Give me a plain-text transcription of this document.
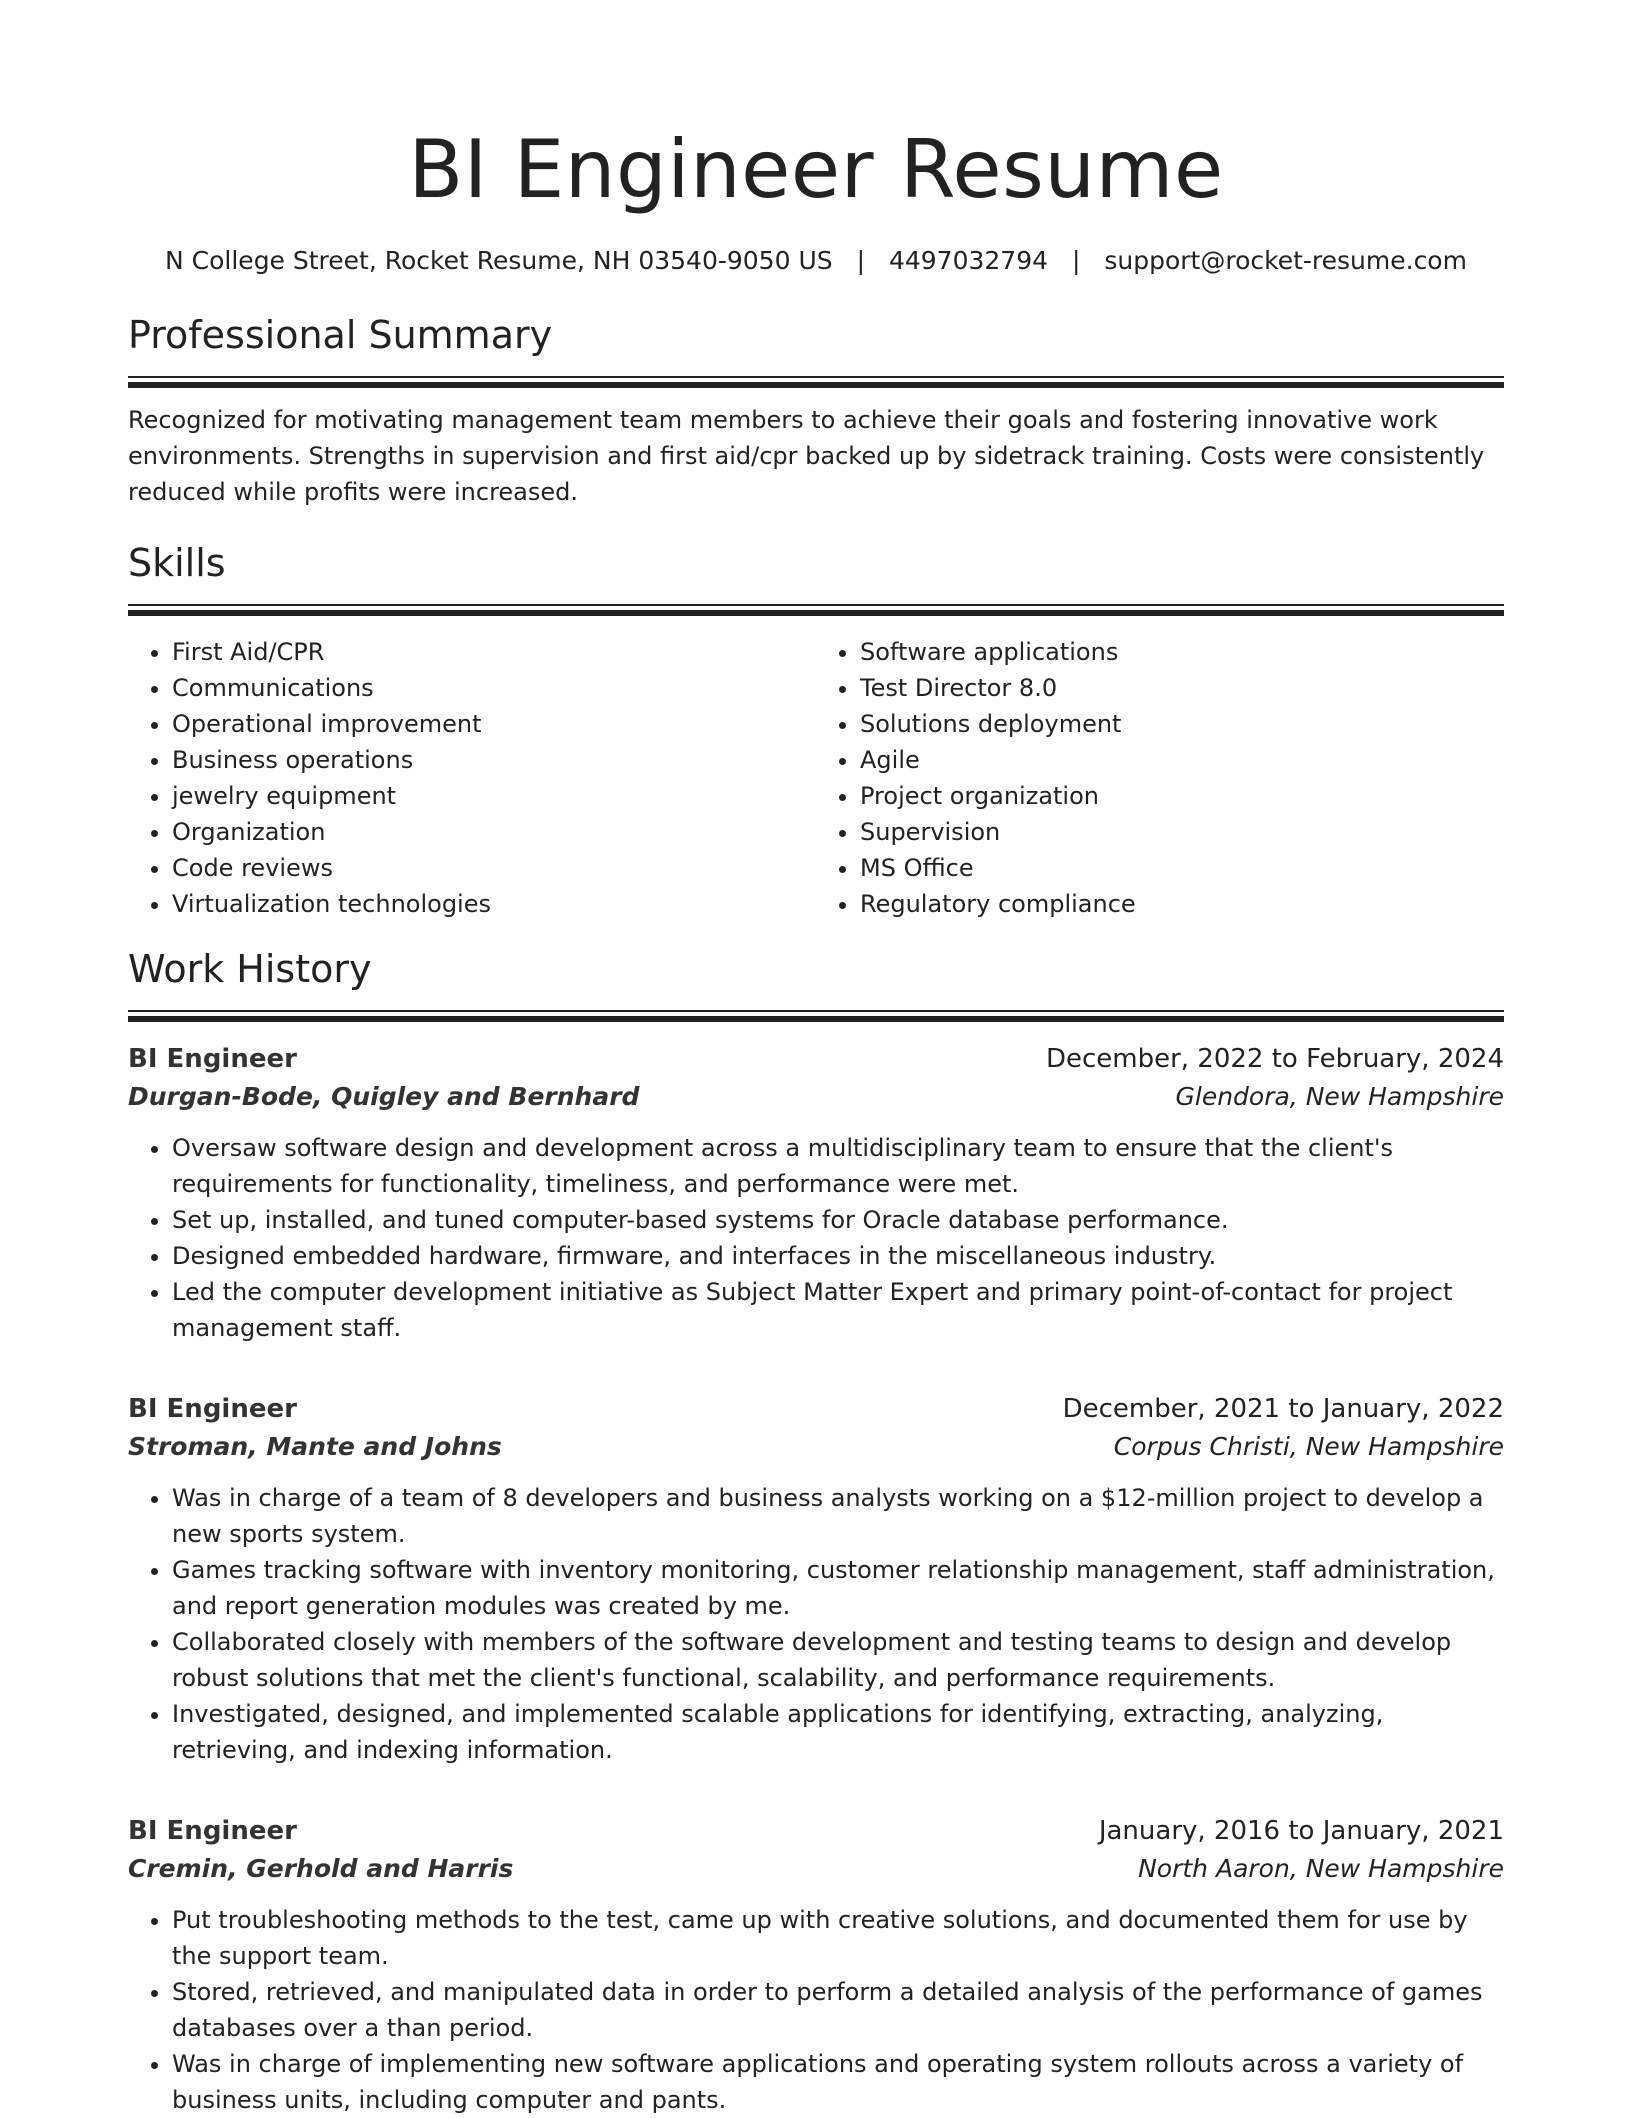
BI Engineer Resume
N College Street, Rocket Resume, NH 03540-9050 US | 4497032794 | support@rocket-resume.com
Professional Summary

Recognized for motivating management team members to achieve their goals and fostering innovative work environments. Strengths in supervision and first aid/cpr backed up by sidetrack training. Costs were consistently reduced while profits were increased.

Skills
• First Aid/CPR
• Communications
• Operational improvement
• Business operations
• jewelry equipment
• Organization
• Code reviews
• Virtualization technologies
• Software applications
• Test Director 8.0
• Solutions deployment
• Agile
• Project organization
• Supervision
• MS Office
• Regulatory compliance
Work History
BI Engineer	December, 2022 to February, 2024
Durgan-Bode, Quigley and Bernhard	Glendora, New Hampshire
• Oversaw software design and development across a multidisciplinary team to ensure that the client's requirements for functionality, timeliness, and performance were met.
• Set up, installed, and tuned computer-based systems for Oracle database performance.
• Designed embedded hardware, firmware, and interfaces in the miscellaneous industry.
• Led the computer development initiative as Subject Matter Expert and primary point-of-contact for project management staff.
BI Engineer	December, 2021 to January, 2022
Stroman, Mante and Johns	Corpus Christi, New Hampshire
• Was in charge of a team of 8 developers and business analysts working on a $12-million project to develop a new sports system.
• Games tracking software with inventory monitoring, customer relationship management, staff administration, and report generation modules was created by me.
• Collaborated closely with members of the software development and testing teams to design and develop robust solutions that met the client's functional, scalability, and performance requirements.
• Investigated, designed, and implemented scalable applications for identifying, extracting, analyzing, retrieving, and indexing information.
BI Engineer	January, 2016 to January, 2021
Cremin, Gerhold and Harris	North Aaron, New Hampshire
• Put troubleshooting methods to the test, came up with creative solutions, and documented them for use by the support team.
• Stored, retrieved, and manipulated data in order to perform a detailed analysis of the performance of games databases over a than period.
• Was in charge of implementing new software applications and operating system rollouts across a variety of business units, including computer and pants.
